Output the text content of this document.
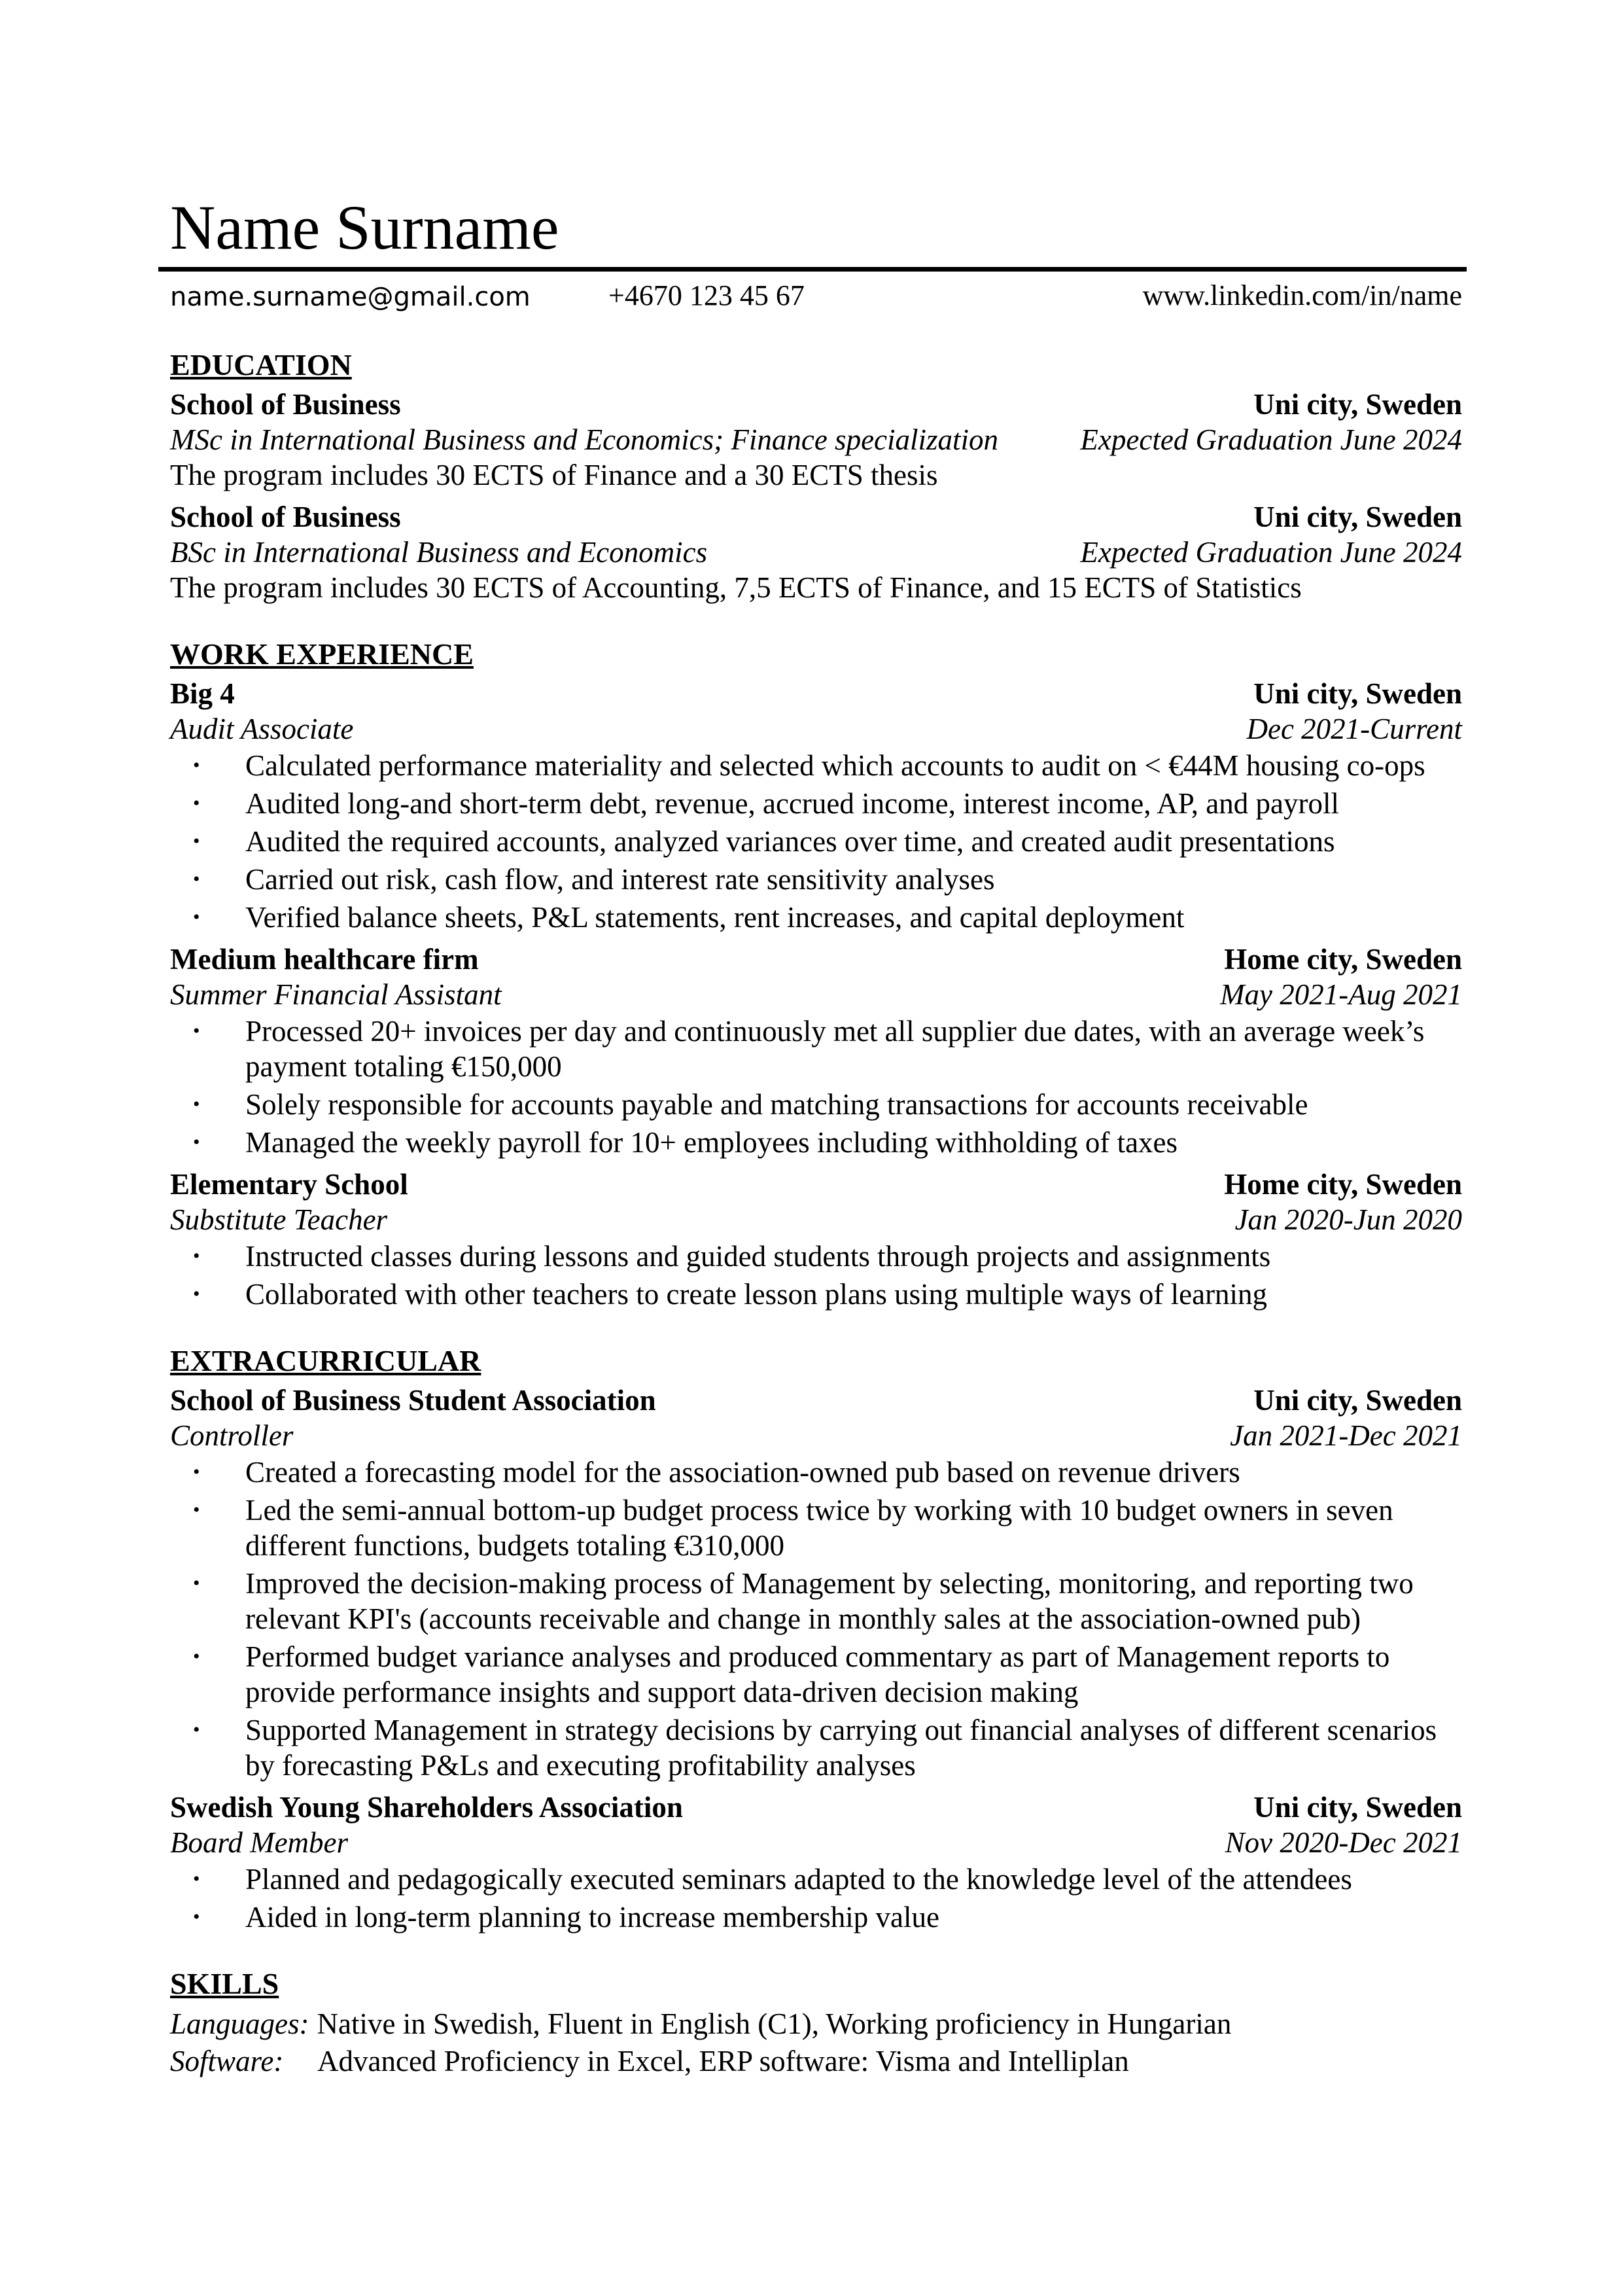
Name Surname
name.surname@gmail.com	+4670 123 45 67	www.linkedin.com/in/name
EDUCATION
School of Business	Uni city, Sweden
MSc in International Business and Economics; Finance specialization	Expected Graduation June 2024
The program includes 30 ECTS of Finance and a 30 ECTS thesis
School of Business	Uni city, Sweden
BSc in International Business and Economics	Expected Graduation June 2024
The program includes 30 ECTS of Accounting, 7,5 ECTS of Finance, and 15 ECTS of Statistics
WORK EXPERIENCE
Big 4	Uni city, Sweden
Audit Associate	Dec 2021-Current
• Calculated performance materiality and selected which accounts to audit on < €44M housing co-ops
• Audited long-and short-term debt, revenue, accrued income, interest income, AP, and payroll
• Audited the required accounts, analyzed variances over time, and created audit presentations
• Carried out risk, cash flow, and interest rate sensitivity analyses
• Verified balance sheets, P&L statements, rent increases, and capital deployment
Medium healthcare firm	Home city, Sweden
Summer Financial Assistant	May 2021-Aug 2021
• Processed 20+ invoices per day and continuously met all supplier due dates, with an average week’s payment totaling €150,000
• Solely responsible for accounts payable and matching transactions for accounts receivable
• Managed the weekly payroll for 10+ employees including withholding of taxes
Elementary School	Home city, Sweden
Substitute Teacher	Jan 2020-Jun 2020
• Instructed classes during lessons and guided students through projects and assignments
• Collaborated with other teachers to create lesson plans using multiple ways of learning
EXTRACURRICULAR
School of Business Student Association	Uni city, Sweden
Controller	Jan 2021-Dec 2021
• Created a forecasting model for the association-owned pub based on revenue drivers
• Led the semi-annual bottom-up budget process twice by working with 10 budget owners in seven different functions, budgets totaling €310,000
• Improved the decision-making process of Management by selecting, monitoring, and reporting two relevant KPI's (accounts receivable and change in monthly sales at the association-owned pub)
• Performed budget variance analyses and produced commentary as part of Management reports to provide performance insights and support data-driven decision making
• Supported Management in strategy decisions by carrying out financial analyses of different scenarios by forecasting P&Ls and executing profitability analyses
Swedish Young Shareholders Association	Uni city, Sweden
Board Member	Nov 2020-Dec 2021
• Planned and pedagogically executed seminars adapted to the knowledge level of the attendees
• Aided in long-term planning to increase membership value
SKILLS
Languages: Native in Swedish, Fluent in English (C1), Working proficiency in Hungarian
Software:	Advanced Proficiency in Excel, ERP software: Visma and Intelliplan
